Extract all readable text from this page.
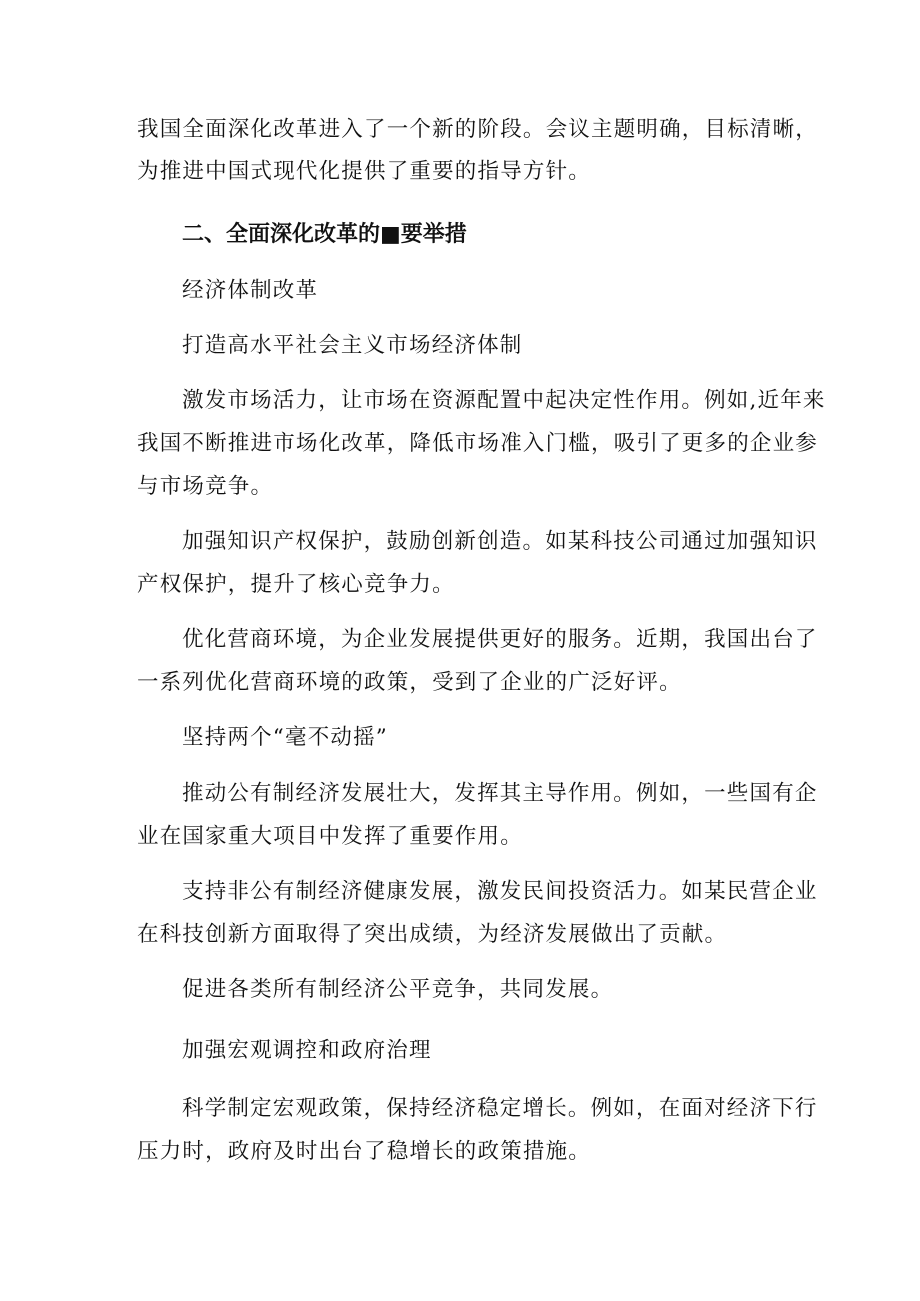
我国全面深化改革进入了一个新的阶段。会议主题明确，目标清晰，
为推进中国式现代化提供了重要的指导方针。
二、全面深化改革的■要举措
经济体制改革
打造高水平社会主义市场经济体制
激发市场活力，让市场在资源配置中起决定性作用。例如,近年来
我国不断推进市场化改革，降低市场准入门槛，吸引了更多的企业参
与市场竞争。
加强知识产权保护，鼓励创新创造。如某科技公司通过加强知识
产权保护，提升了核心竞争力。
优化营商环境，为企业发展提供更好的服务。近期，我国出台了
一系列优化营商环境的政策，受到了企业的广泛好评。
坚持两个“毫不动摇”
推动公有制经济发展壮大，发挥其主导作用。例如，一些国有企
业在国家重大项目中发挥了重要作用。
支持非公有制经济健康发展，激发民间投资活力。如某民营企业
在科技创新方面取得了突出成绩，为经济发展做出了贡献。
促进各类所有制经济公平竞争，共同发展。
加强宏观调控和政府治理
科学制定宏观政策，保持经济稳定增长。例如，在面对经济下行
压力时，政府及时出台了稳增长的政策措施。
